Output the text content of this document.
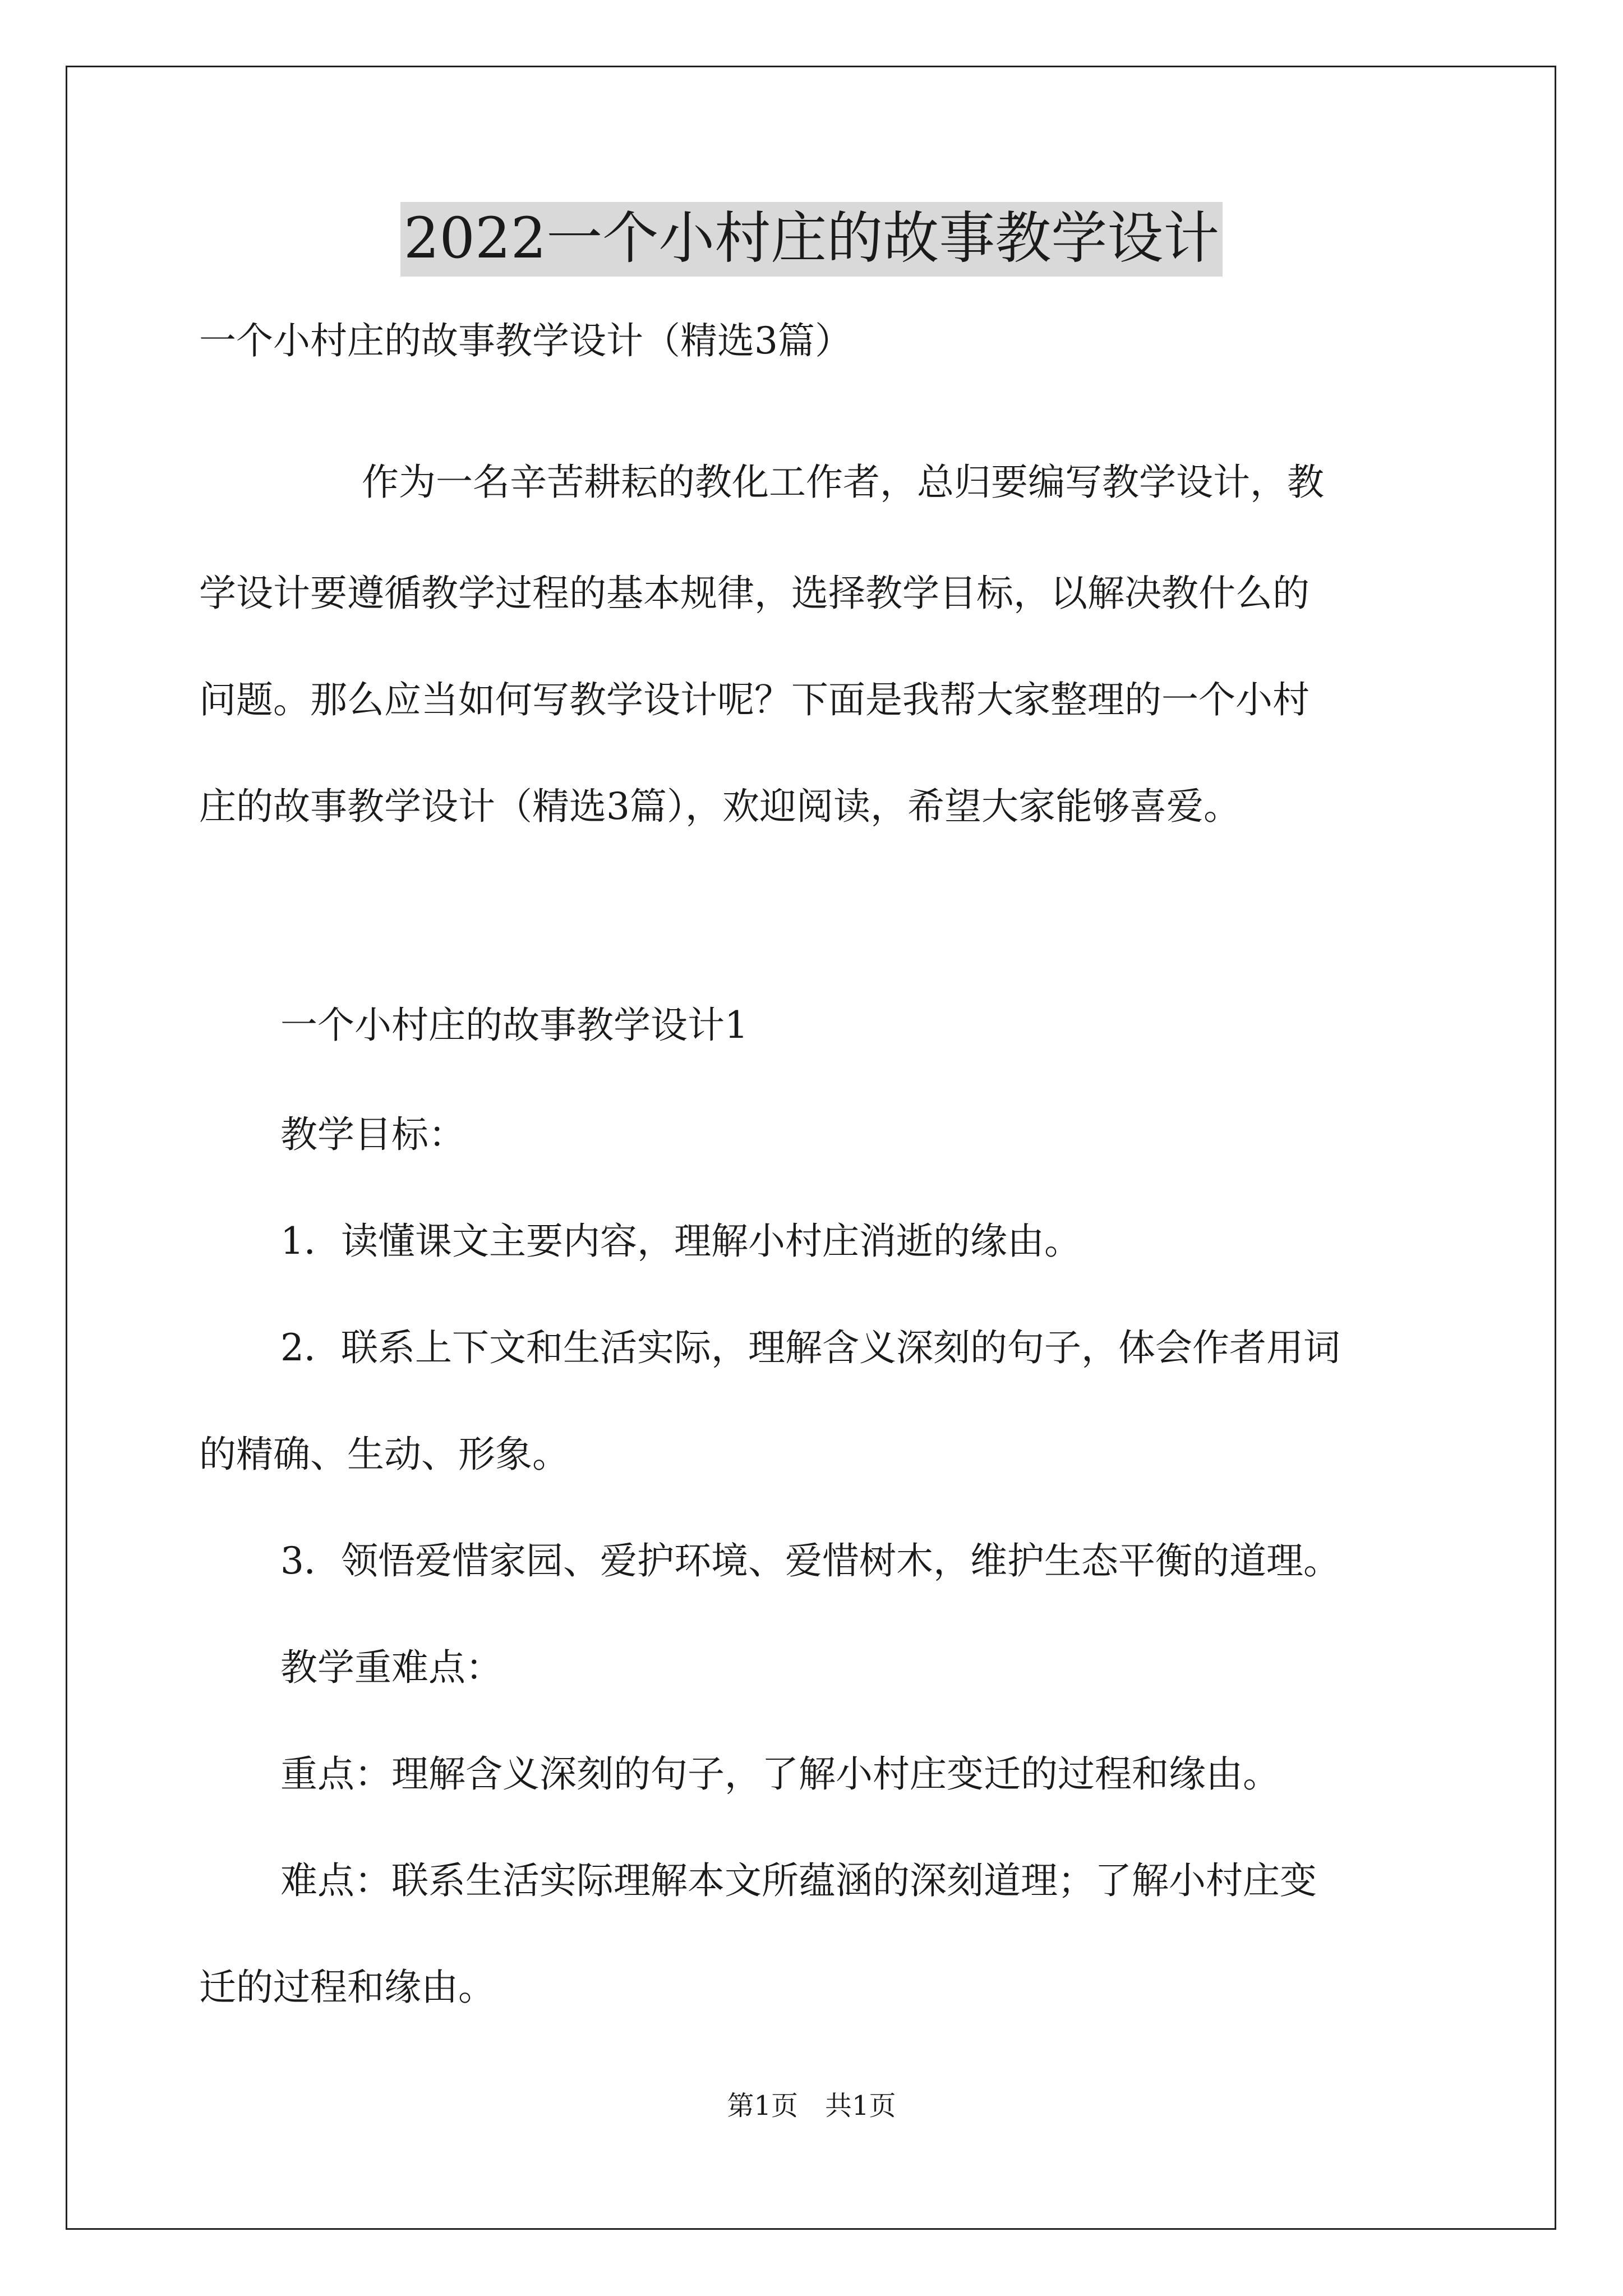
2022一个小村庄的故事教学设计
一个小村庄的故事教学设计（精选3篇）
作为一名辛苦耕耘的教化工作者，总归要编写教学设计，教
学设计要遵循教学过程的基本规律，选择教学目标，以解决教什么的
问题。那么应当如何写教学设计呢？下面是我帮大家整理的一个小村
庄的故事教学设计（精选3篇），欢迎阅读，希望大家能够喜爱。
一个小村庄的故事教学设计1
教学目标：
1．读懂课文主要内容，理解小村庄消逝的缘由。
2．联系上下文和生活实际，理解含义深刻的句子，体会作者用词
的精确、生动、形象。
3．领悟爱惜家园、爱护环境、爱惜树木，维护生态平衡的道理。
教学重难点：
重点：理解含义深刻的句子，了解小村庄变迁的过程和缘由。
难点：联系生活实际理解本文所蕴涵的深刻道理；了解小村庄变
迁的过程和缘由。
第1页　共1页
